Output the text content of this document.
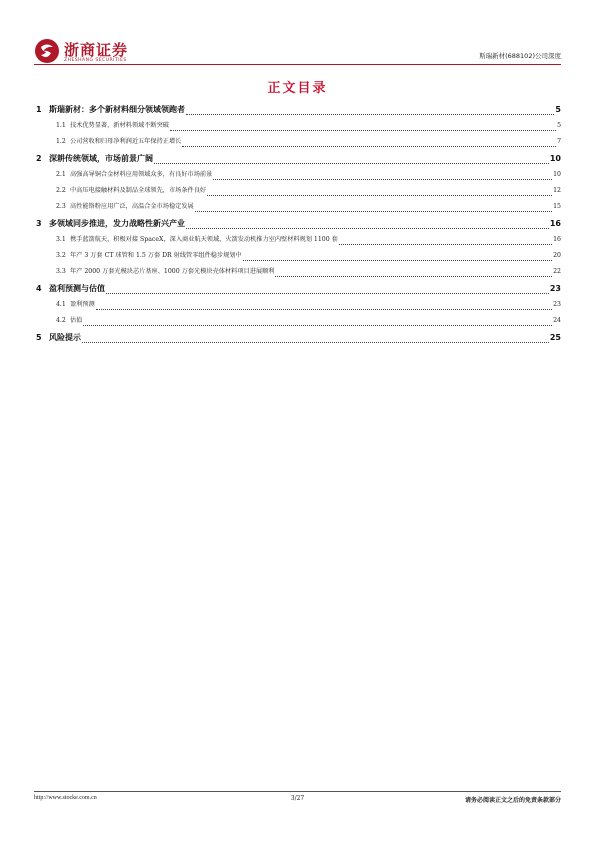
浙商证券
ZHESHANG SECURITIES
斯瑞新材(688102)公司深度
正文目录
1 斯瑞新材：多个新材料细分领域领跑者	5
1.1 技术优势显著，新材料领域不断突破	5
1.2 公司营收和归母净利润近五年保持正增长	7
2 深耕传统领域，市场前景广阔	10
2.1 高强高导铜合金材料应用领域众多，有良好市场前景	10
2.2 中高压电接触材料及制品全球领先，市场条件良好	12
2.3 高性能铬粉应用广泛，高温合金市场稳定发展	15
3 多领域同步推进，发力战略性新兴产业	16
3.1 携手蓝箭航天，积极对接 SpaceX，深入商业航天领域，火箭发动机推力室内壁材料规划 1100 套	16
3.2 年产 3 万套 CT 球管和 1.5 万套 DR 射线管零组件稳步规划中	20
3.3 年产 2000 万套光模块芯片基座、1000 万套光模块壳体材料项目进展顺利	22
4 盈利预测与估值	23
4.1 盈利预测	23
4.2 估值	24
5 风险提示	25
http://www.stocke.com.cn	3/27	请务必阅读正文之后的免责条款部分
